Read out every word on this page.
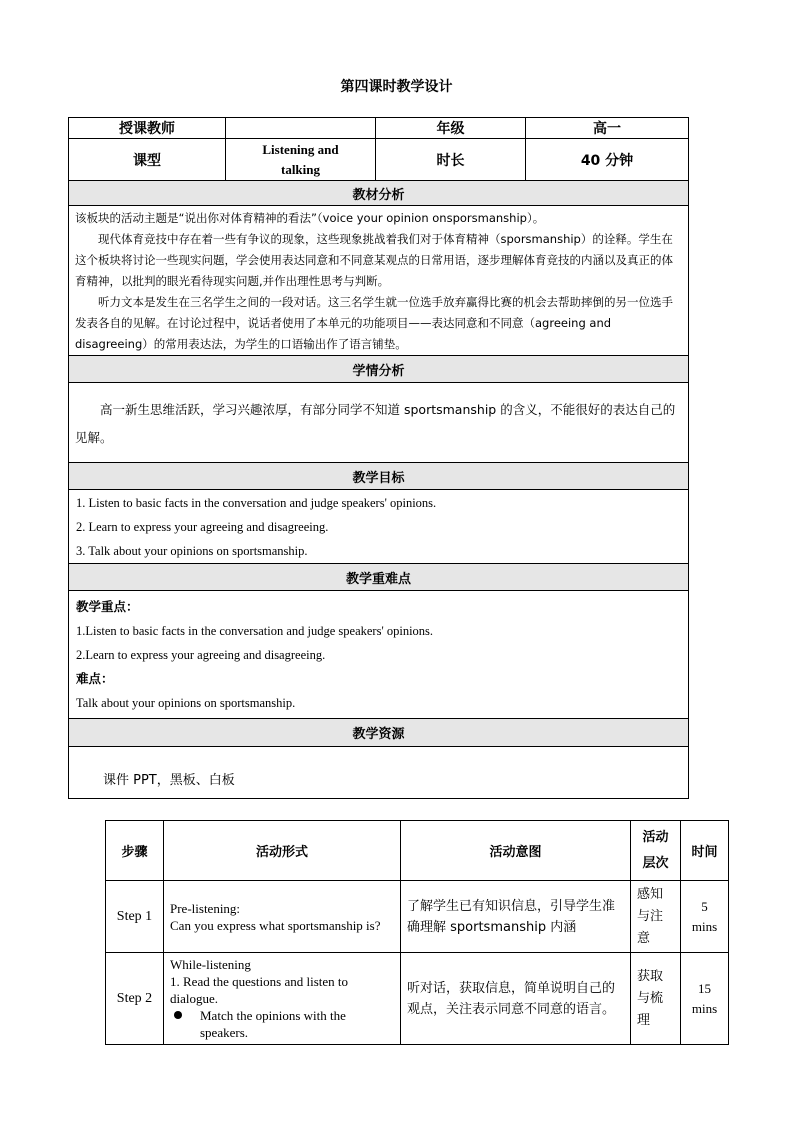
第四课时教学设计
授课教师		年级	高一
课型	Listening and talking	时长	40 分钟
教材分析			

该板块的活动主题是“说出你对体育精神的看法”（voice your opinion onsporsmanship）。

现代体育竞技中存在着一些有争议的现象，这些现象挑战着我们对于体育精神（sporsmanship）的诠释。学生在这个板块将讨论一些现实问题，学会使用表达同意和不同意某观点的日常用语，逐步理解体育竞技的内涵以及真正的体育精神，以批判的眼光看待现实问题,并作出理性思考与判断。

听力文本是发生在三名学生之间的一段对话。这三名学生就一位选手放弃赢得比赛的机会去帮助摔倒的另一位选手发表各自的见解。在讨论过程中，说话者使用了本单元的功能项目——表达同意和不同意（agreeing and disagreeing）的常用表达法，为学生的口语输出作了语言铺垫。			

学情分析			

高一新生思维活跃，学习兴趣浓厚，有部分同学不知道 sportsmanship 的含义，不能很好的表达自己的见解。			

教学目标			

1. Listen to basic facts in the conversation and judge speakers' opinions.
2. Learn to express your agreeing and disagreeing.
3. Talk about your opinions on sportsmanship.			

教学重难点			

教学重点：
1.Listen to basic facts in the conversation and judge speakers' opinions.
2.Learn to express your agreeing and disagreeing.
难点：
Talk about your opinions on sportsmanship.			

教学资源			
课件 PPT，黑板、白板			
步骤	活动形式	活动意图	活动层次	时间
Step 1	Pre-listening:

Can you express what sportsmanship is?	了解学生已有知识信息，引导学生准确理解 sportsmanship 内涵	感知与注意	5 mins

Step 2	While-listening

1. Read the questions and listen to dialogue.

Match the opinions with the speakers.	听对话，获取信息，简单说明自己的观点，关注表示同意不同意的语言。	获取与梳理	15 mins
